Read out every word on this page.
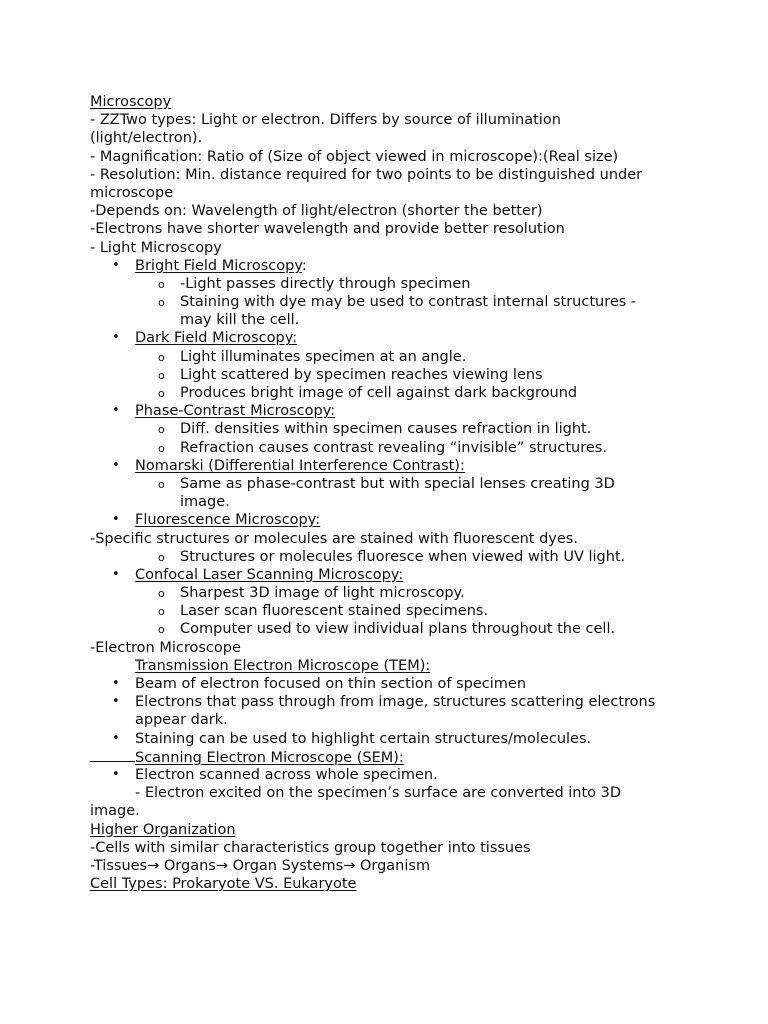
Microscopy
- ZZTwo types: Light or electron. Differs by source of illumination
(light/electron).
- Magnification: Ratio of (Size of object viewed in microscope):(Real size)
- Resolution: Min. distance required for two points to be distinguished under
microscope
-Depends on: Wavelength of light/electron (shorter the better)
-Electrons have shorter wavelength and provide better resolution
- Light Microscopy
• Bright Field Microscopy:
o -Light passes directly through specimen
o Staining with dye may be used to contrast internal structures -
may kill the cell.
• Dark Field Microscopy:
o Light illuminates specimen at an angle.
o Light scattered by specimen reaches viewing lens
o Produces bright image of cell against dark background
• Phase-Contrast Microscopy:
o Diff. densities within specimen causes refraction in light.
o Refraction causes contrast revealing “invisible” structures.
• Nomarski (Differential Interference Contrast):
o Same as phase-contrast but with special lenses creating 3D
image.
• Fluorescence Microscopy:
-Specific structures or molecules are stained with fluorescent dyes.
o Structures or molecules fluoresce when viewed with UV light.
• Confocal Laser Scanning Microscopy:
o Sharpest 3D image of light microscopy.
o Laser scan fluorescent stained specimens.
o Computer used to view individual plans throughout the cell.
-Electron Microscope
Transmission Electron Microscope (TEM):
• Beam of electron focused on thin section of specimen
• Electrons that pass through from image, structures scattering electrons
appear dark.
• Staining can be used to highlight certain structures/molecules.
Scanning Electron Microscope (SEM):
• Electron scanned across whole specimen.
- Electron excited on the specimen’s surface are converted into 3D
image.
Higher Organization
-Cells with similar characteristics group together into tissues
-Tissues→ Organs→ Organ Systems→ Organism
Cell Types: Prokaryote VS. Eukaryote
